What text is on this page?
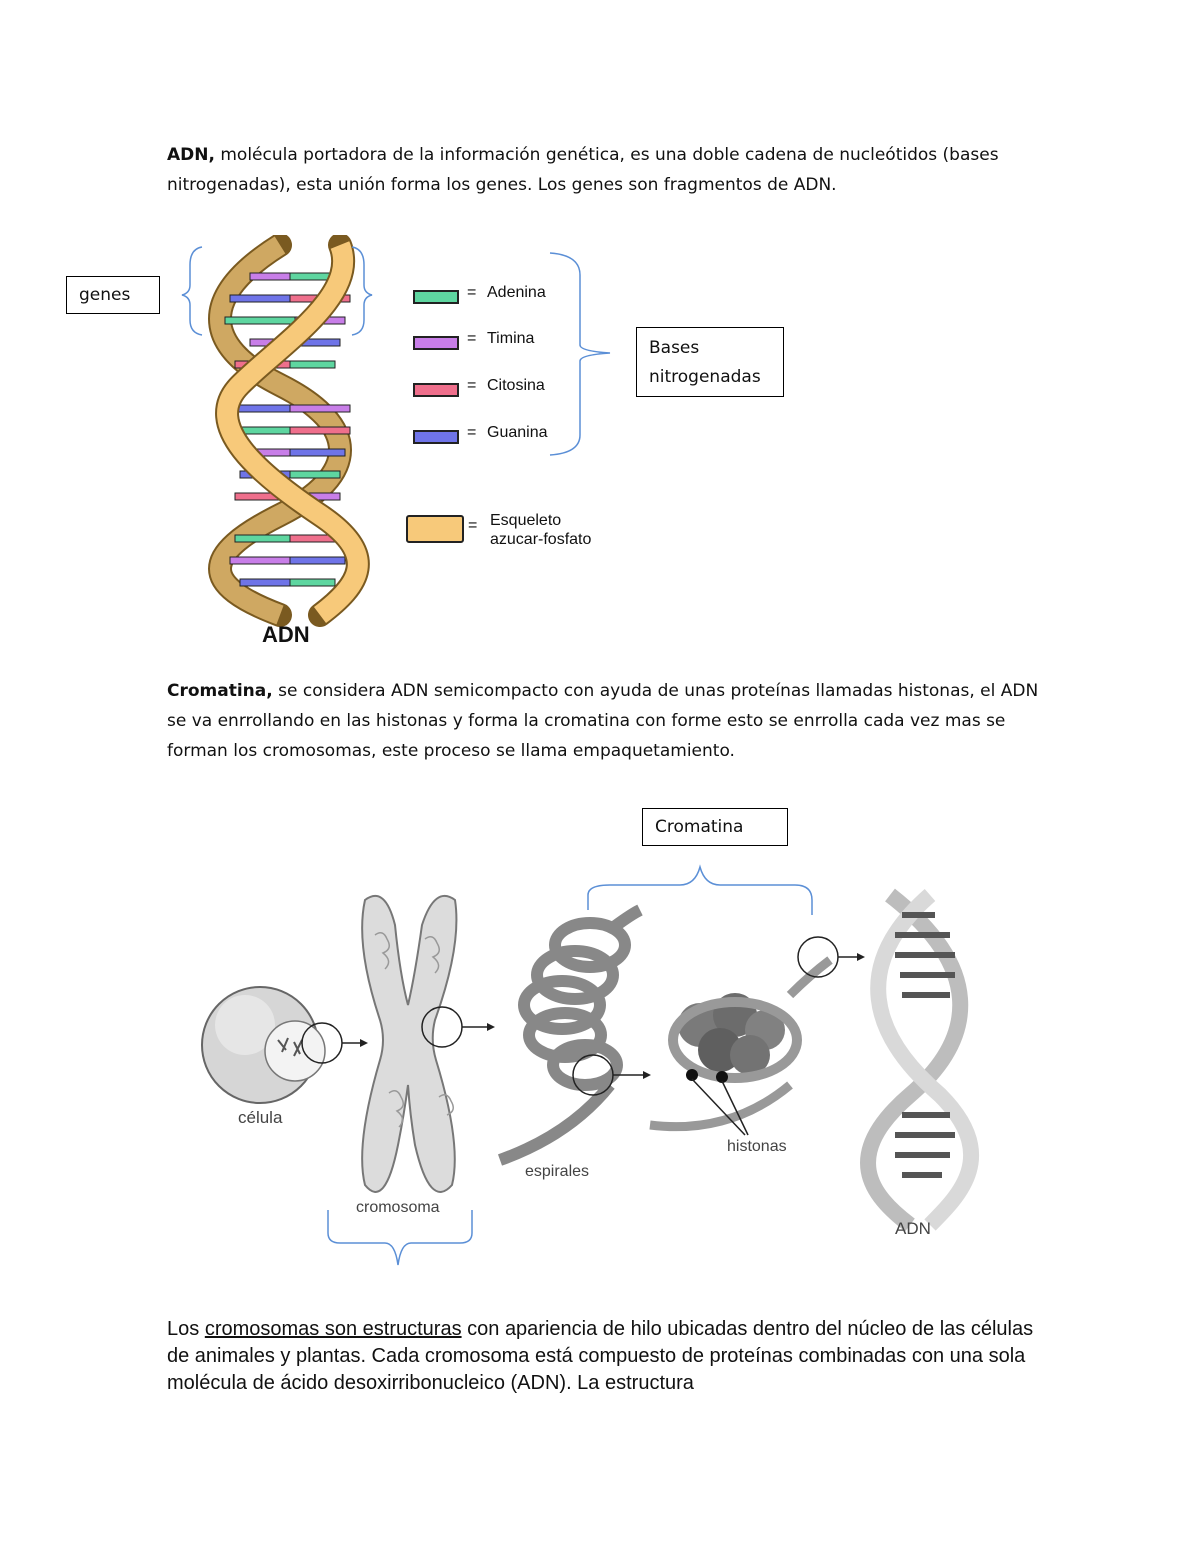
ADN, molécula portadora de la información genética, es una doble cadena de nucleótidos (bases nitrogenadas), esta unión forma los genes. Los genes son fragmentos de ADN.

= Adenina
= Timina
= Citosina
= Guanina
= Esqueleto
azucar-fosfato
ADN
genes
Bases
nitrogenadas

Cromatina, se considera ADN semicompacto con ayuda de unas proteínas llamadas histonas, el ADN se va enrrollando en las histonas y forma la cromatina con forme esto se enrrolla cada vez mas se forman los cromosomas, este proceso se llama empaquetamiento.

Cromatina
célula
cromosoma
espirales
histonas
ADN

Los cromosomas son estructuras con apariencia de hilo ubicadas dentro del núcleo de las células de animales y plantas. Cada cromosoma está compuesto de proteínas combinadas con una sola molécula de ácido desoxirribonucleico (ADN). La estructura
